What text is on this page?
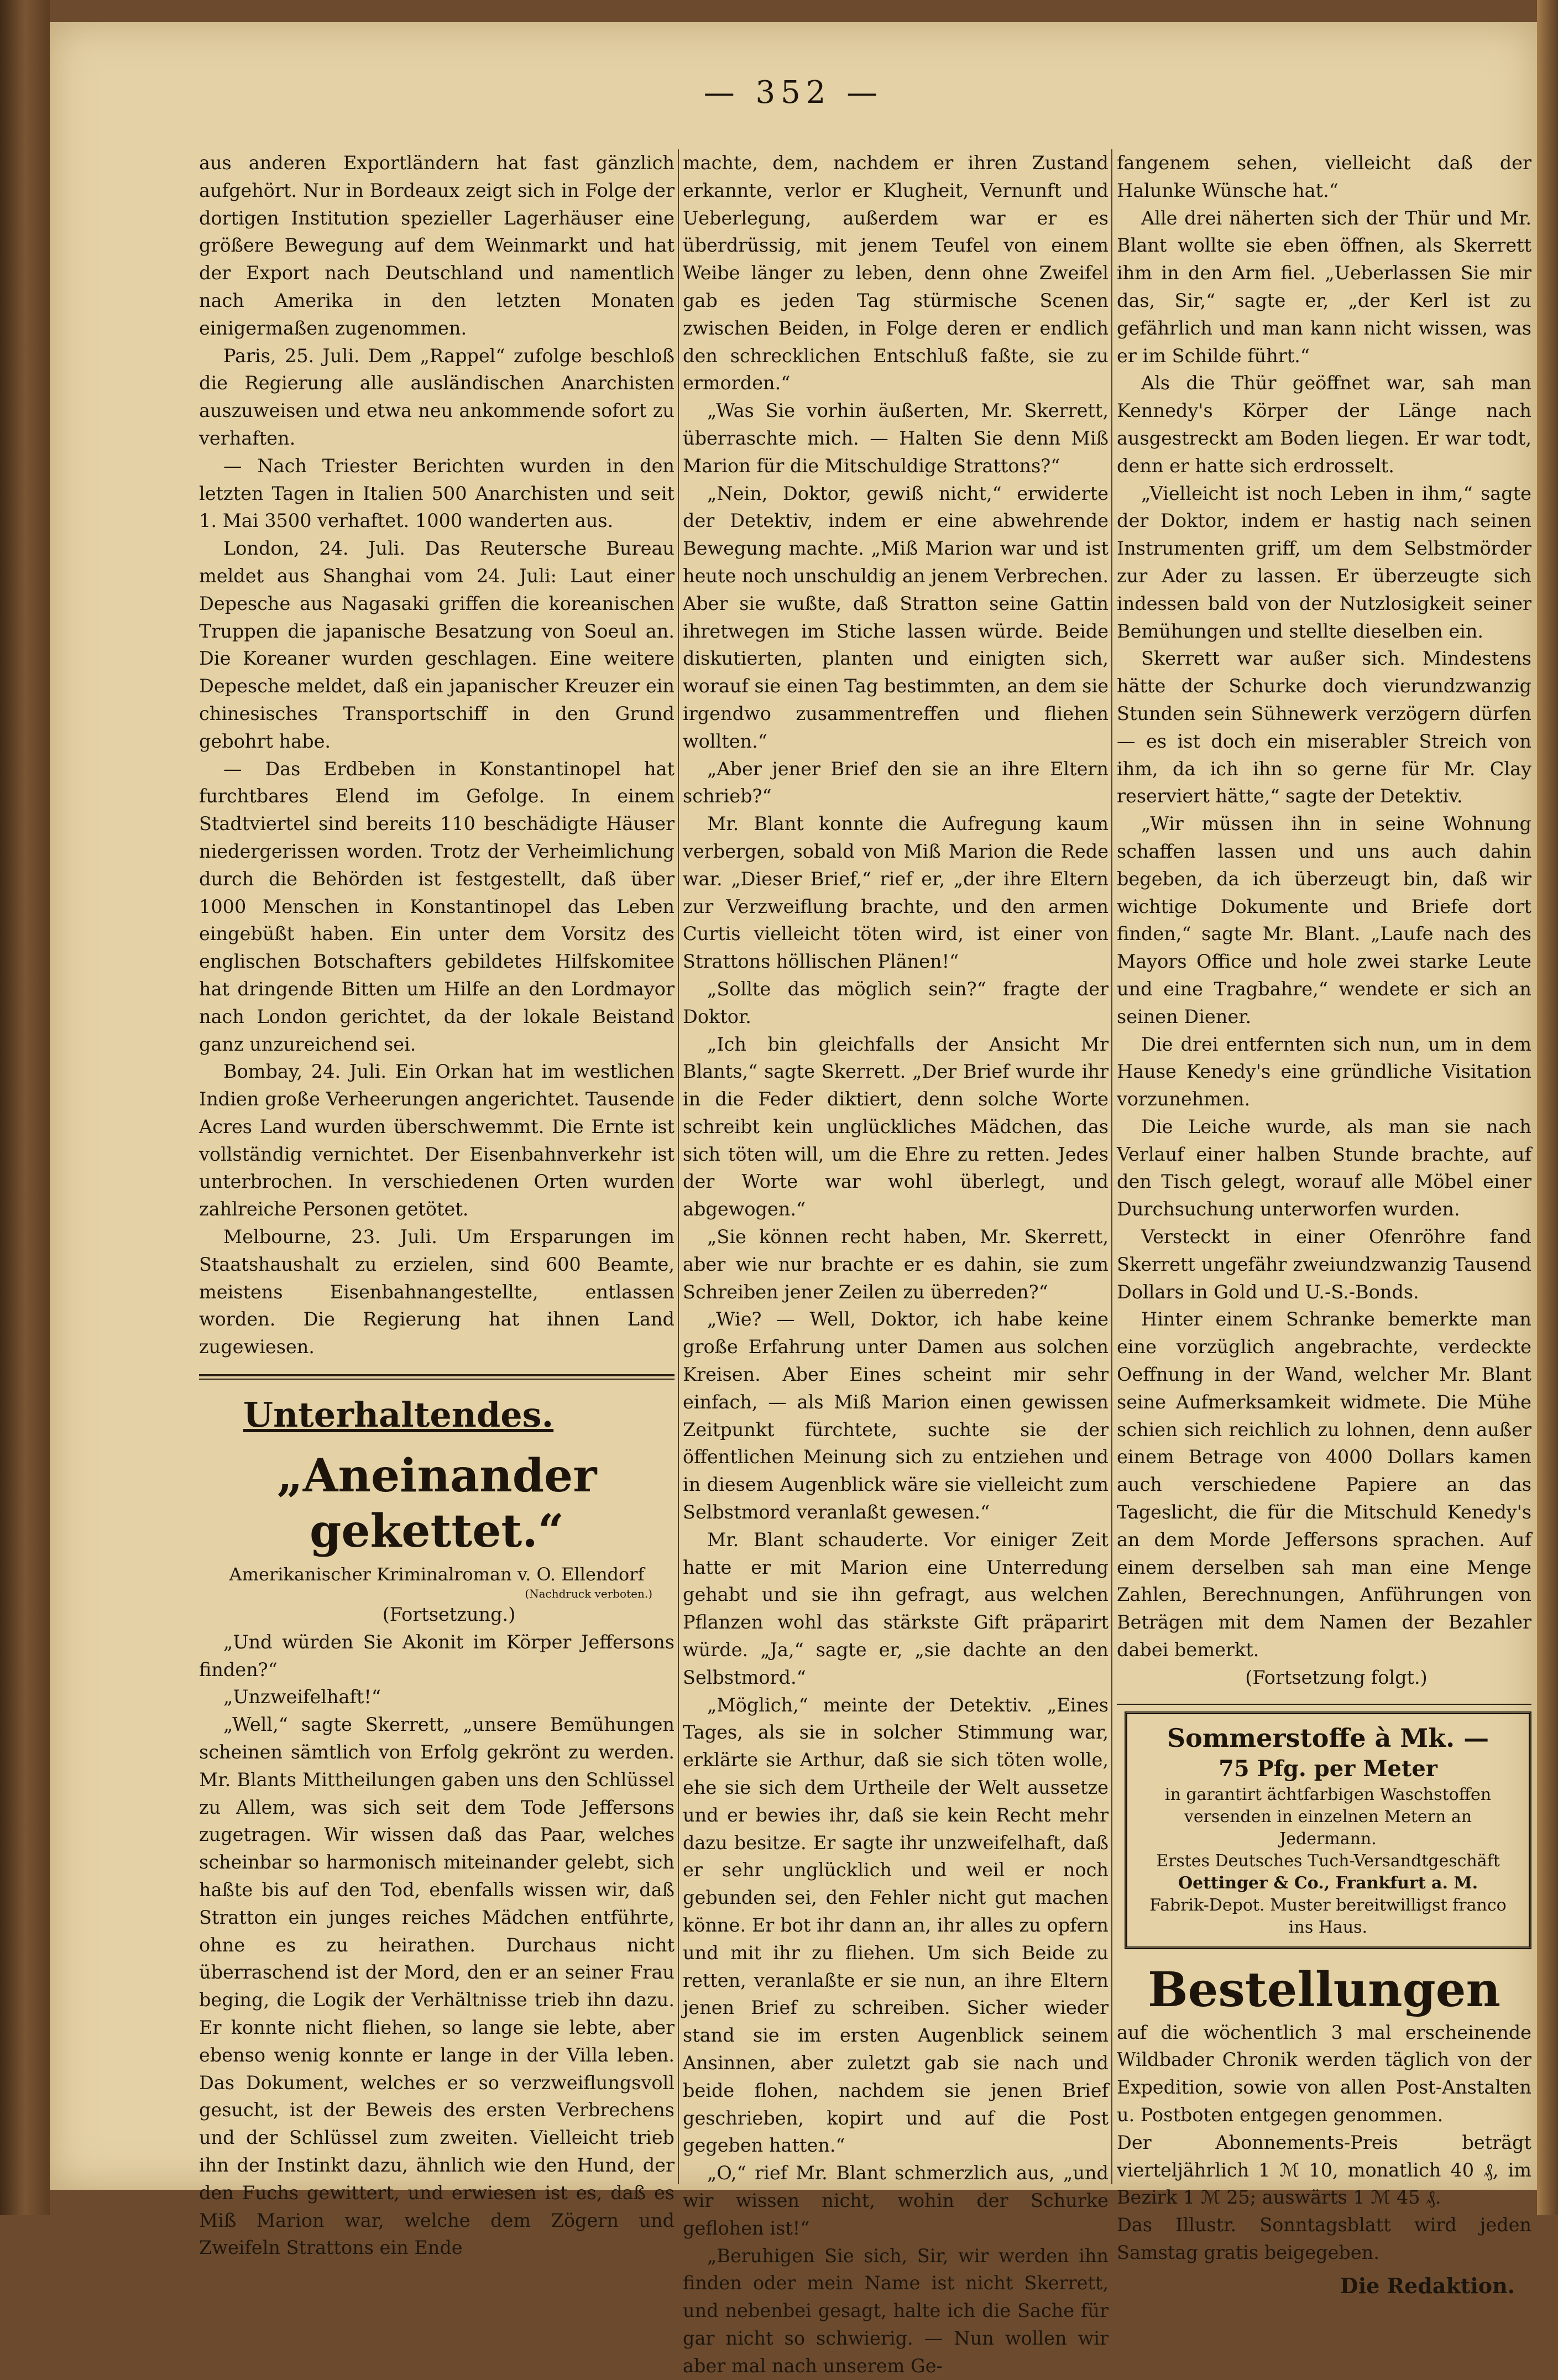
— 352 —

aus anderen Exportländern hat fast gänzlich aufgehört. Nur in Bordeaux zeigt sich in Folge der dortigen Institution spezieller Lagerhäuser eine größere Bewegung auf dem Weinmarkt und hat der Export nach Deutschland und namentlich nach Amerika in den letzten Monaten einigermaßen zugenommen.

Paris, 25. Juli. Dem „Rappel“ zufolge beschloß die Regierung alle ausländischen Anarchisten auszuweisen und etwa neu ankommende sofort zu verhaften.

— Nach Triester Berichten wurden in den letzten Tagen in Italien 500 Anarchisten und seit 1. Mai 3500 verhaftet. 1000 wanderten aus.

London, 24. Juli. Das Reutersche Bureau meldet aus Shanghai vom 24. Juli: Laut einer Depesche aus Nagasaki griffen die koreanischen Truppen die japanische Besatzung von Soeul an. Die Koreaner wurden geschlagen. Eine weitere Depesche meldet, daß ein japanischer Kreuzer ein chinesisches Transportschiff in den Grund gebohrt habe.

— Das Erdbeben in Konstantinopel hat furchtbares Elend im Gefolge. In einem Stadtviertel sind bereits 110 beschädigte Häuser niedergerissen worden. Trotz der Verheimlichung durch die Behörden ist festgestellt, daß über 1000 Menschen in Konstantinopel das Leben eingebüßt haben. Ein unter dem Vorsitz des englischen Botschafters gebildetes Hilfskomitee hat dringende Bitten um Hilfe an den Lordmayor nach London gerichtet, da der lokale Beistand ganz unzureichend sei.

Bombay, 24. Juli. Ein Orkan hat im westlichen Indien große Verheerungen angerichtet. Tausende Acres Land wurden überschwemmt. Die Ernte ist vollständig vernichtet. Der Eisenbahnverkehr ist unterbrochen. In verschiedenen Orten wurden zahlreiche Personen getötet.

Melbourne, 23. Juli. Um Ersparungen im Staatshaushalt zu erzielen, sind 600 Beamte, meistens Eisenbahnangestellte, entlassen worden. Die Regierung hat ihnen Land zugewiesen.

Unterhaltendes.
„Aneinander gekettet.“
Amerikanischer Kriminalroman v. O. Ellendorf
(Nachdruck verboten.)

(Fortsetzung.)

„Und würden Sie Akonit im Körper Jeffersons finden?“

„Unzweifelhaft!“

„Well,“ sagte Skerrett, „unsere Bemühungen scheinen sämtlich von Erfolg gekrönt zu werden. Mr. Blants Mittheilungen gaben uns den Schlüssel zu Allem, was sich seit dem Tode Jeffersons zugetragen. Wir wissen daß das Paar, welches scheinbar so harmonisch miteinander gelebt, sich haßte bis auf den Tod, ebenfalls wissen wir, daß Stratton ein junges reiches Mädchen entführte, ohne es zu heirathen. Durchaus nicht überraschend ist der Mord, den er an seiner Frau beging, die Logik der Verhältnisse trieb ihn dazu. Er konnte nicht fliehen, so lange sie lebte, aber ebenso wenig konnte er lange in der Villa leben. Das Dokument, welches er so verzweiflungsvoll gesucht, ist der Beweis des ersten Verbrechens und der Schlüssel zum zweiten. Vielleicht trieb ihn der Instinkt dazu, ähnlich wie den Hund, der den Fuchs gewittert, und erwiesen ist es, daß es Miß Marion war, welche dem Zögern und Zweifeln Strattons ein Ende

machte, dem, nachdem er ihren Zustand erkannte, verlor er Klugheit, Vernunft und Ueberlegung, außerdem war er es überdrüssig, mit jenem Teufel von einem Weibe länger zu leben, denn ohne Zweifel gab es jeden Tag stürmische Scenen zwischen Beiden, in Folge deren er endlich den schrecklichen Entschluß faßte, sie zu ermorden.“

„Was Sie vorhin äußerten, Mr. Skerrett, überraschte mich. — Halten Sie denn Miß Marion für die Mitschuldige Strattons?“

„Nein, Doktor, gewiß nicht,“ erwiderte der Detektiv, indem er eine abwehrende Bewegung machte. „Miß Marion war und ist heute noch unschuldig an jenem Verbrechen. Aber sie wußte, daß Stratton seine Gattin ihretwegen im Stiche lassen würde. Beide diskutierten, planten und einigten sich, worauf sie einen Tag bestimmten, an dem sie irgendwo zusammentreffen und fliehen wollten.“

„Aber jener Brief den sie an ihre Eltern schrieb?“

Mr. Blant konnte die Aufregung kaum verbergen, sobald von Miß Marion die Rede war. „Dieser Brief,“ rief er, „der ihre Eltern zur Verzweiflung brachte, und den armen Curtis vielleicht töten wird, ist einer von Strattons höllischen Plänen!“

„Sollte das möglich sein?“ fragte der Doktor.

„Ich bin gleichfalls der Ansicht Mr Blants,“ sagte Skerrett. „Der Brief wurde ihr in die Feder diktiert, denn solche Worte schreibt kein unglückliches Mädchen, das sich töten will, um die Ehre zu retten. Jedes der Worte war wohl überlegt, und abgewogen.“

„Sie können recht haben, Mr. Skerrett, aber wie nur brachte er es dahin, sie zum Schreiben jener Zeilen zu überreden?“

„Wie? — Well, Doktor, ich habe keine große Erfahrung unter Damen aus solchen Kreisen. Aber Eines scheint mir sehr einfach, — als Miß Marion einen gewissen Zeitpunkt fürchtete, suchte sie der öffentlichen Meinung sich zu entziehen und in diesem Augenblick wäre sie vielleicht zum Selbstmord veranlaßt gewesen.“

Mr. Blant schauderte. Vor einiger Zeit hatte er mit Marion eine Unterredung gehabt und sie ihn gefragt, aus welchen Pflanzen wohl das stärkste Gift präparirt würde. „Ja,“ sagte er, „sie dachte an den Selbstmord.“

„Möglich,“ meinte der Detektiv. „Eines Tages, als sie in solcher Stimmung war, erklärte sie Arthur, daß sie sich töten wolle, ehe sie sich dem Urtheile der Welt aussetze und er bewies ihr, daß sie kein Recht mehr dazu besitze. Er sagte ihr unzweifelhaft, daß er sehr unglücklich und weil er noch gebunden sei, den Fehler nicht gut machen könne. Er bot ihr dann an, ihr alles zu opfern und mit ihr zu fliehen. Um sich Beide zu retten, veranlaßte er sie nun, an ihre Eltern jenen Brief zu schreiben. Sicher wieder stand sie im ersten Augenblick seinem Ansinnen, aber zuletzt gab sie nach und beide flohen, nachdem sie jenen Brief geschrieben, kopirt und auf die Post gegeben hatten.“

„O,“ rief Mr. Blant schmerzlich aus, „und wir wissen nicht, wohin der Schurke geflohen ist!“

„Beruhigen Sie sich, Sir, wir werden ihn finden oder mein Name ist nicht Skerrett, und nebenbei gesagt, halte ich die Sache für gar nicht so schwierig. — Nun wollen wir aber mal nach unserem Ge-

fangenem sehen, vielleicht daß der Halunke Wünsche hat.“

Alle drei näherten sich der Thür und Mr. Blant wollte sie eben öffnen, als Skerrett ihm in den Arm fiel. „Ueberlassen Sie mir das, Sir,“ sagte er, „der Kerl ist zu gefährlich und man kann nicht wissen, was er im Schilde führt.“

Als die Thür geöffnet war, sah man Kennedy's Körper der Länge nach ausgestreckt am Boden liegen. Er war todt, denn er hatte sich erdrosselt.

„Vielleicht ist noch Leben in ihm,“ sagte der Doktor, indem er hastig nach seinen Instrumenten griff, um dem Selbstmörder zur Ader zu lassen. Er überzeugte sich indessen bald von der Nutzlosigkeit seiner Bemühungen und stellte dieselben ein.

Skerrett war außer sich. Mindestens hätte der Schurke doch vierundzwanzig Stunden sein Sühnewerk verzögern dürfen — es ist doch ein miserabler Streich von ihm, da ich ihn so gerne für Mr. Clay reserviert hätte,“ sagte der Detektiv.

„Wir müssen ihn in seine Wohnung schaffen lassen und uns auch dahin begeben, da ich überzeugt bin, daß wir wichtige Dokumente und Briefe dort finden,“ sagte Mr. Blant. „Laufe nach des Mayors Office und hole zwei starke Leute und eine Tragbahre,“ wendete er sich an seinen Diener.

Die drei entfernten sich nun, um in dem Hause Kenedy's eine gründliche Visitation vorzunehmen.

Die Leiche wurde, als man sie nach Verlauf einer halben Stunde brachte, auf den Tisch gelegt, worauf alle Möbel einer Durchsuchung unterworfen wurden.

Versteckt in einer Ofenröhre fand Skerrett ungefähr zweiundzwanzig Tausend Dollars in Gold und U.-S.-Bonds.

Hinter einem Schranke bemerkte man eine vorzüglich angebrachte, verdeckte Oeffnung in der Wand, welcher Mr. Blant seine Aufmerksamkeit widmete. Die Mühe schien sich reichlich zu lohnen, denn außer einem Betrage von 4000 Dollars kamen auch verschiedene Papiere an das Tageslicht, die für die Mitschuld Kenedy's an dem Morde Jeffersons sprachen. Auf einem derselben sah man eine Menge Zahlen, Berechnungen, Anführungen von Beträgen mit dem Namen der Bezahler dabei bemerkt.

(Fortsetzung folgt.)

Sommerstoffe à Mk. —
75 Pfg. per Meter
in garantirt ächtfarbigen Waschstoffen
versenden in einzelnen Metern an Jedermann.
Erstes Deutsches Tuch-Versandtgeschäft
Oettinger & Co., Frankfurt a. M.
Fabrik-Depot. Muster bereitwilligst franco ins Haus.
Bestellungen

auf die wöchentlich 3 mal erscheinende Wildbader Chronik werden täglich von der Expedition, sowie von allen Post-Anstalten u. Postboten entgegen genommen.

Der Abonnements-Preis beträgt vierteljährlich 1 ℳ 10, monatlich 40 ₰, im Bezirk 1 ℳ 25; auswärts 1 ℳ 45 ₰.

Das Illustr. Sonntagsblatt wird jeden Samstag gratis beigegeben.

Die Redaktion.
